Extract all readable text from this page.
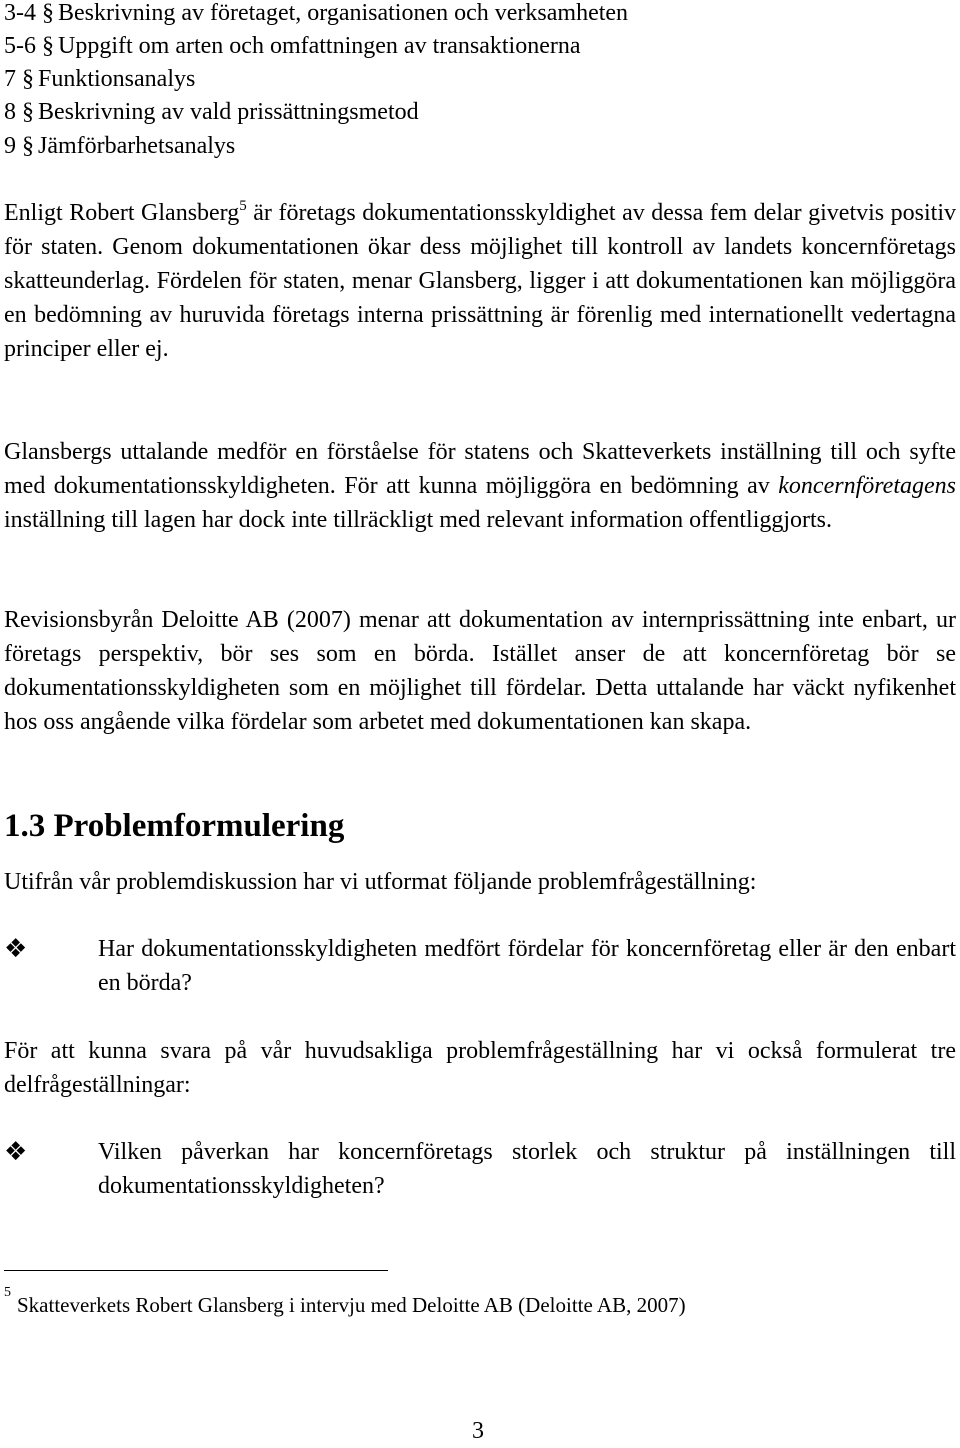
3-4 § Beskrivning av företaget, organisationen och verksamheten
5-6 § Uppgift om arten och omfattningen av transaktionerna
7 § Funktionsanalys
8 § Beskrivning av vald prissättningsmetod
9 § Jämförbarhetsanalys
Enligt Robert Glansberg$^5$ är företags dokumentationsskyldighet av dessa fem delar givetvis positiv för staten. Genom dokumentationen ökar dess möjlighet till kontroll av landets koncernföretags skatteunderlag. Fördelen för staten, menar Glansberg, ligger i att dokumentationen kan möjliggöra en bedömning av huruvida företags interna prissättning är förenlig med internationellt vedertagna principer eller ej.
Glansbergs uttalande medför en förståelse för statens och Skatteverkets inställning till och syfte med dokumentationsskyldigheten. För att kunna möjliggöra en bedömning av koncernföretagens inställning till lagen har dock inte tillräckligt med relevant information offentliggjorts.
Revisionsbyrån Deloitte AB (2007) menar att dokumentation av internprissättning inte enbart, ur företags perspektiv, bör ses som en börda. Istället anser de att koncernföretag bör se dokumentationsskyldigheten som en möjlighet till fördelar. Detta uttalande har väckt nyfikenhet hos oss angående vilka fördelar som arbetet med dokumentationen kan skapa.
1.3 Problemformulering
Utifrån vår problemdiskussion har vi utformat följande problemfrågeställning:
❖	Har dokumentationsskyldigheten medfört fördelar för koncernföretag eller är den enbart en börda?
För att kunna svara på vår huvudsakliga problemfrågeställning har vi också formulerat tre delfrågeställningar:
❖	Vilken påverkan har koncernföretags storlek och struktur på inställningen till dokumentationsskyldigheten?
$^5$Skatteverkets Robert Glansberg i intervju med Deloitte AB (Deloitte AB, 2007)
3
